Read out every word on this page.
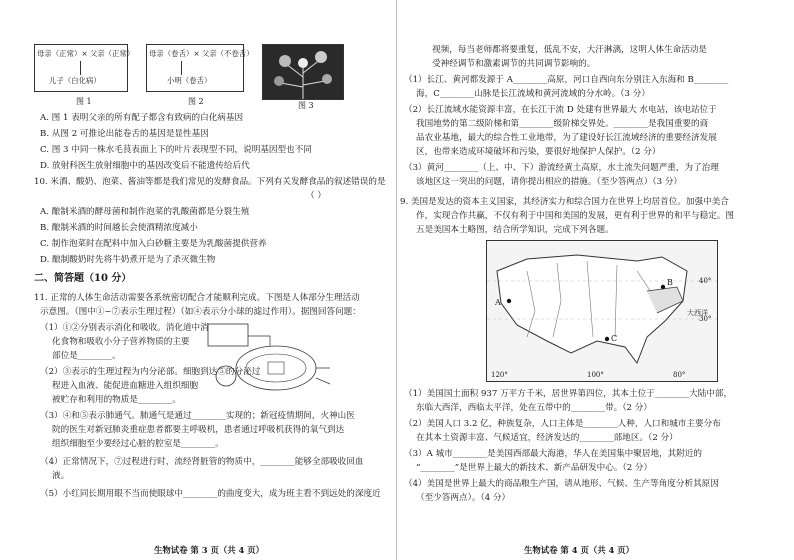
母亲（正常）× 父亲（正常）
儿子（白化病）
图 1
母亲（卷舌）× 父亲（不卷舌）
小明（卷舌）
图 2	图 3
A. 图 1 表明父亲的所有配子都含有致病的白化病基因
B. 从图 2 可推论出能卷舌的基因是显性基因
C. 图 3 中同一株水毛茛表面上下的叶片表现型不同，说明基因型也不同
D. 放射科医生放射细胞中的基因改变后不能遗传给后代
10. 米酒、酸奶、泡菜、酱油等都是我们常见的发酵食品。下列有关发酵食品的叙述错误的是
（ ）
A. 酿制米酒的酵母菌和制作泡菜的乳酸菌都是分裂生殖
B. 酿制米酒的时间越长会使酒精浓度减小
C. 制作泡菜时在配料中加入白砂糖主要是为乳酸菌提供营养
D. 酿制酸奶时先将牛奶煮开是为了杀灭微生物
二、简答题（10 分）
11. 正常的人体生命活动需要各系统密切配合才能顺利完成。下图是人体部分生理活动
示意图。（图中①~⑦表示生理过程）（如④表示分小球的滤过作用）。据图回答问题：
（1）①②分别表示消化和吸收。消化道中消
化食物和吸收小分子营养物质的主要
部位是________。
（2）③表示的生理过程为内分泌部。细胞到达⑤的分泌过
程进入血液、能促进血糖进入组织细胞
被贮存和利用的物质是________。
（3）④和⑤表示肺通气。肺通气是通过________实现的；新冠疫情期间，火神山医
院的医生对新冠肺炎重症患者都要主呼吸机，患者通过呼吸机获得的氧气到达
组织细胞至少要经过心脏的腔室是________。
（4）正常情况下，⑦过程进行时，流经肾脏管的物质中，________能够全部吸收回血
液。
（5）小红同长期用眼不当而使眼球中________的曲度变大，成为班主看不到远处的深度近
生物试卷 第 3 页（共 4 页）
视频，每当老师都将要重复，低乱不安，大汗淋漓，这明人体生命活动是
受神经调节和激素调节的共同调节影响的。
（1）长江、黄河都发源于 A________高原，河口自西向东分别注入东海和 B________
海，C________山脉是长江流域和黄河流域的分水岭。（3 分）
（2）长江流域水能资源丰富，在长江干流 D 处建有世界最大 水电站，该电站位于
我国地势的第二级阶梯和第________级阶梯交界处。________是我国重要的商
品农业基地，最大的综合性工业地带，为了建设好长江流域经济的重要经济发展
区，也带来造成环境破坏和污染，要很好地保护人保护。（2 分）
（3）黄河________（上、中、下）游流经黄土高原，水土流失问题严重，为了治理
该地区这一突出的问题，请你提出相应的措施。（至少答两点）（3 分）
9. 美国是发达的资本主义国家，其经济实力和综合国力在世界上均居首位。加强中美合
作，实现合作共赢，不仅有利于中国和美国的发展，更有利于世界的和平与稳定。图
五是美国本土略图，结合所学知识，完成下列各题。
A
B
C
大西洋
40°
30°
120°	100°	80°
（1）美国国土面积 937 万平方千米，居世界第四位，其本土位于________大陆中部，
东临大西洋，西临太平洋，处在五带中的________带。（2 分）
（2）美国人口 3.2 亿，种族复杂，人口主体是________人种，人口和城市主要分布
在其本土资源丰富、气候适宜，经济发达的________部地区。（2 分）
（3）A 城市________是美国西部最大海港，华人在美国集中聚居地，其附近的
“________”是世界上最大的新技术、新产品研发中心。（2 分）
（4）美国是世界上最大的商品粮生产国，请从地形、气候、生产等角度分析其原因
（至少答两点）。（4 分）
生物试卷 第 4 页（共 4 页）
